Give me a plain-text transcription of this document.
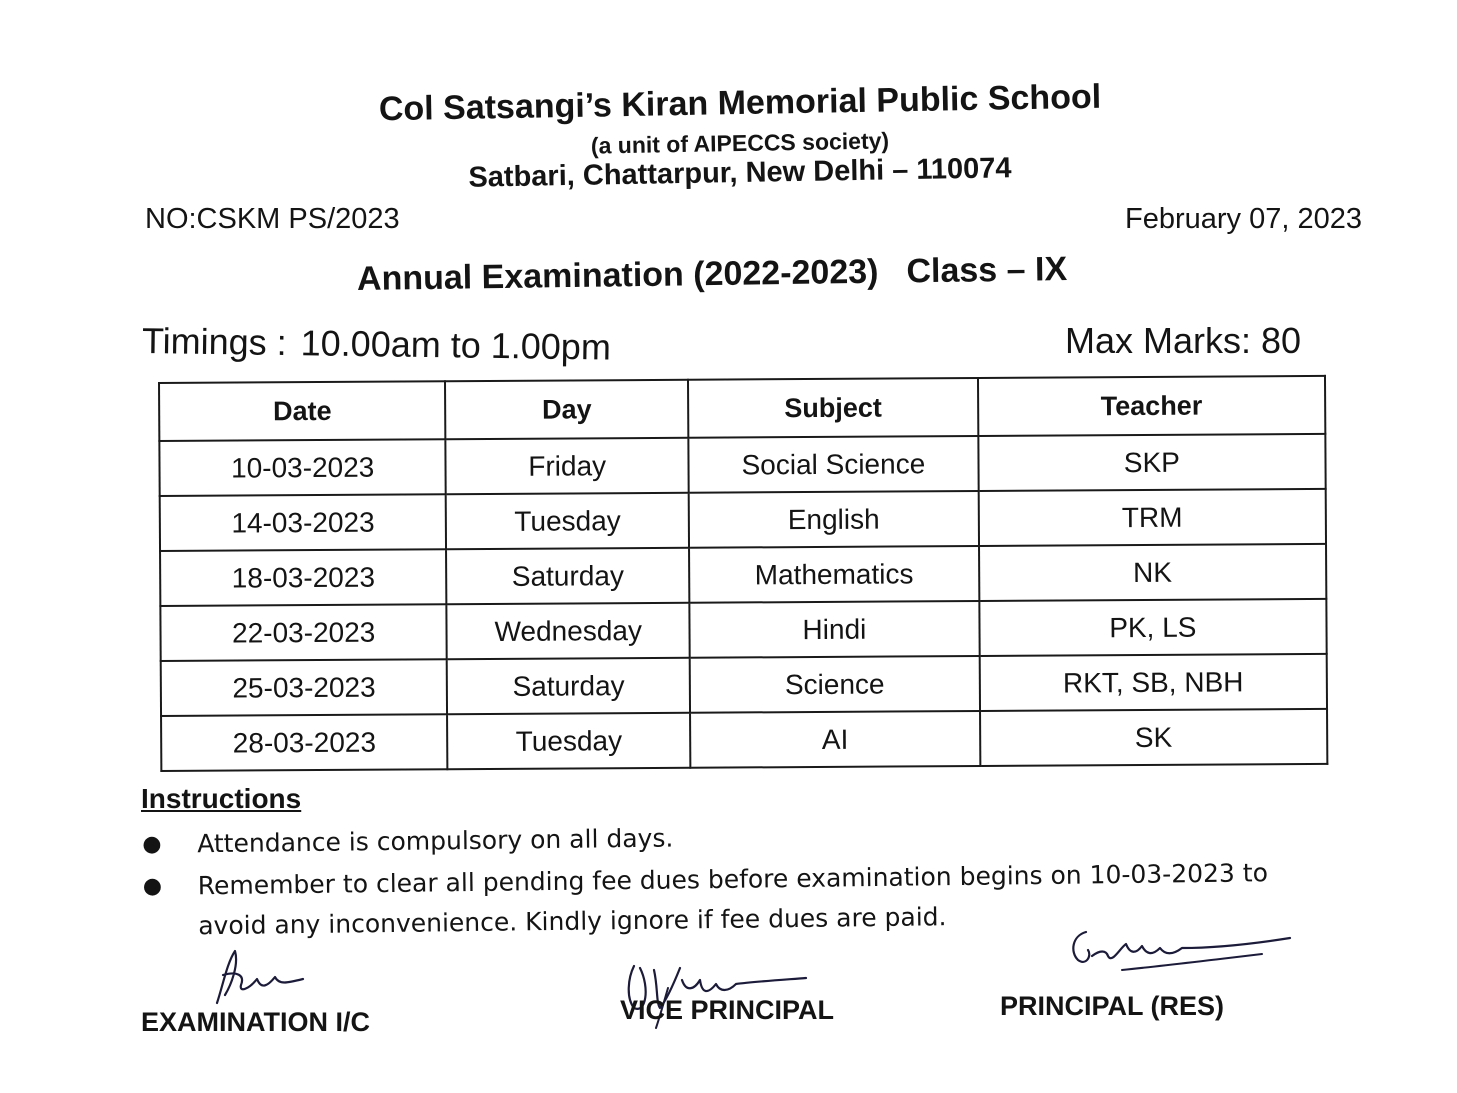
Col Satsangi’s Kiran Memorial Public School
(a unit of AIPECCS society)
Satbari, Chattarpur, New Delhi – 110074
NO:CSKM PS/2023	February 07, 2023
Annual Examination (2022-2023) Class – IX
Timings : 10.00am to 1.00pm	Max Marks: 80
Date	Day	Subject	Teacher
10-03-2023	Friday	Social Science	SKP
14-03-2023	Tuesday	English	TRM
18-03-2023	Saturday	Mathematics	NK
22-03-2023	Wednesday	Hindi	PK, LS
25-03-2023	Saturday	Science	RKT, SB, NBH
28-03-2023	Tuesday	AI	SK
Instructions
● Attendance is compulsory on all days.
● Remember to clear all pending fee dues before examination begins on 10-03-2023 to avoid any inconvenience. Kindly ignore if fee dues are paid.
EXAMINATION I/C	VICE PRINCIPAL	PRINCIPAL (RES)
